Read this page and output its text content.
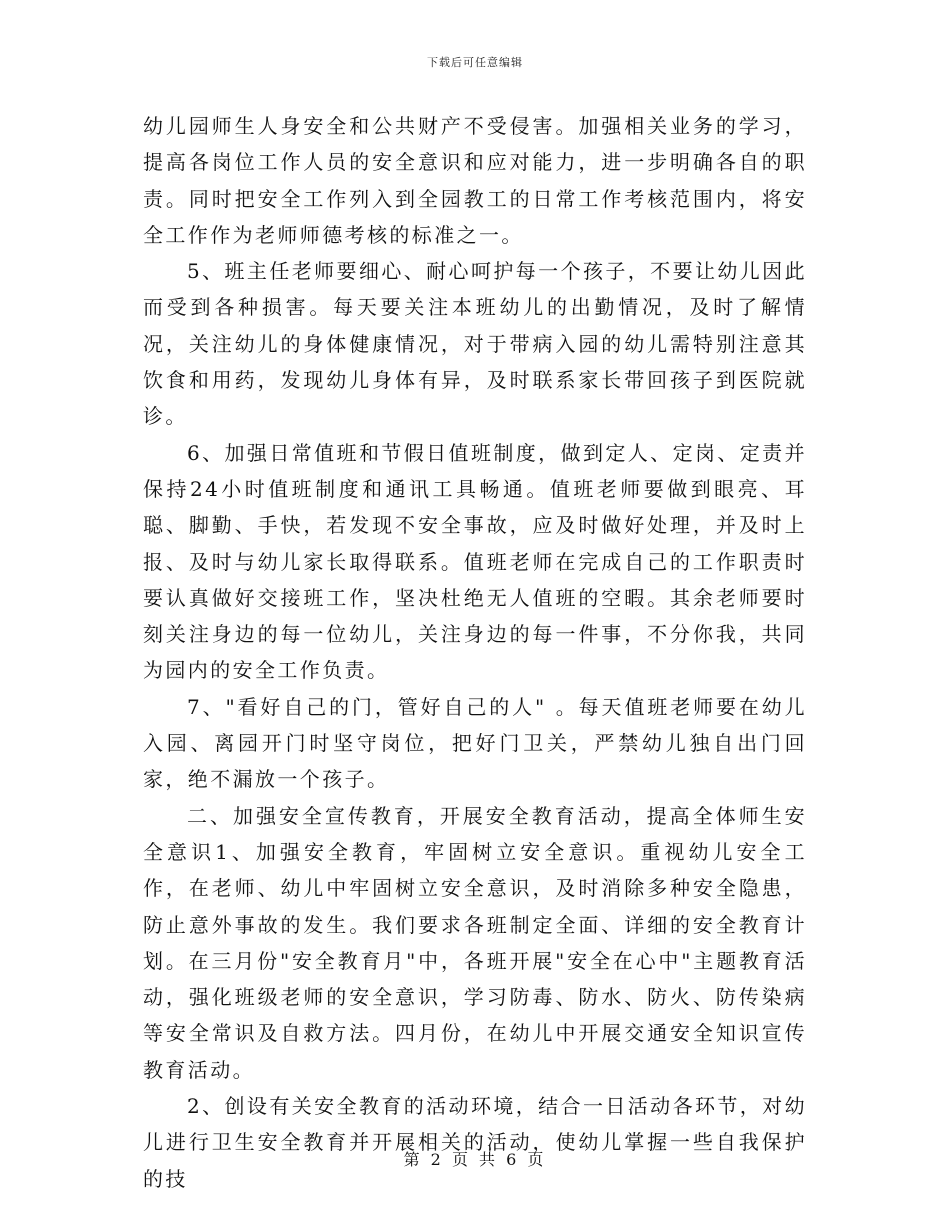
下载后可任意编辑

幼儿园师生人身安全和公共财产不受侵害。加强相关业务的学习，提高各岗位工作人员的安全意识和应对能力，进一步明确各自的职责。同时把安全工作列入到全园教工的日常工作考核范围内，将安全工作作为老师师德考核的标准之一。

5、班主任老师要细心、耐心呵护每一个孩子，不要让幼儿因此而受到各种损害。每天要关注本班幼儿的出勤情况，及时了解情况，关注幼儿的身体健康情况，对于带病入园的幼儿需特别注意其饮食和用药，发现幼儿身体有异，及时联系家长带回孩子到医院就诊。

6、加强日常值班和节假日值班制度，做到定人、定岗、定责并保持24小时值班制度和通讯工具畅通。值班老师要做到眼亮、耳聪、脚勤、手快，若发现不安全事故，应及时做好处理，并及时上报、及时与幼儿家长取得联系。值班老师在完成自己的工作职责时要认真做好交接班工作，坚决杜绝无人值班的空暇。其余老师要时刻关注身边的每一位幼儿，关注身边的每一件事，不分你我，共同为园内的安全工作负责。

7、"看好自己的门，管好自己的人" 。每天值班老师要在幼儿入园、离园开门时坚守岗位，把好门卫关，严禁幼儿独自出门回家，绝不漏放一个孩子。

二、加强安全宣传教育，开展安全教育活动，提高全体师生安全意识1、加强安全教育，牢固树立安全意识。重视幼儿安全工作，在老师、幼儿中牢固树立安全意识，及时消除多种安全隐患，防止意外事故的发生。我们要求各班制定全面、详细的安全教育计划。在三月份"安全教育月"中，各班开展"安全在心中"主题教育活动，强化班级老师的安全意识，学习防毒、防水、防火、防传染病等安全常识及自救方法。四月份，在幼儿中开展交通安全知识宣传教育活动。

2、创设有关安全教育的活动环境，结合一日活动各环节，对幼儿进行卫生安全教育并开展相关的活动，使幼儿掌握一些自我保护的技

第 2 页 共 6 页
